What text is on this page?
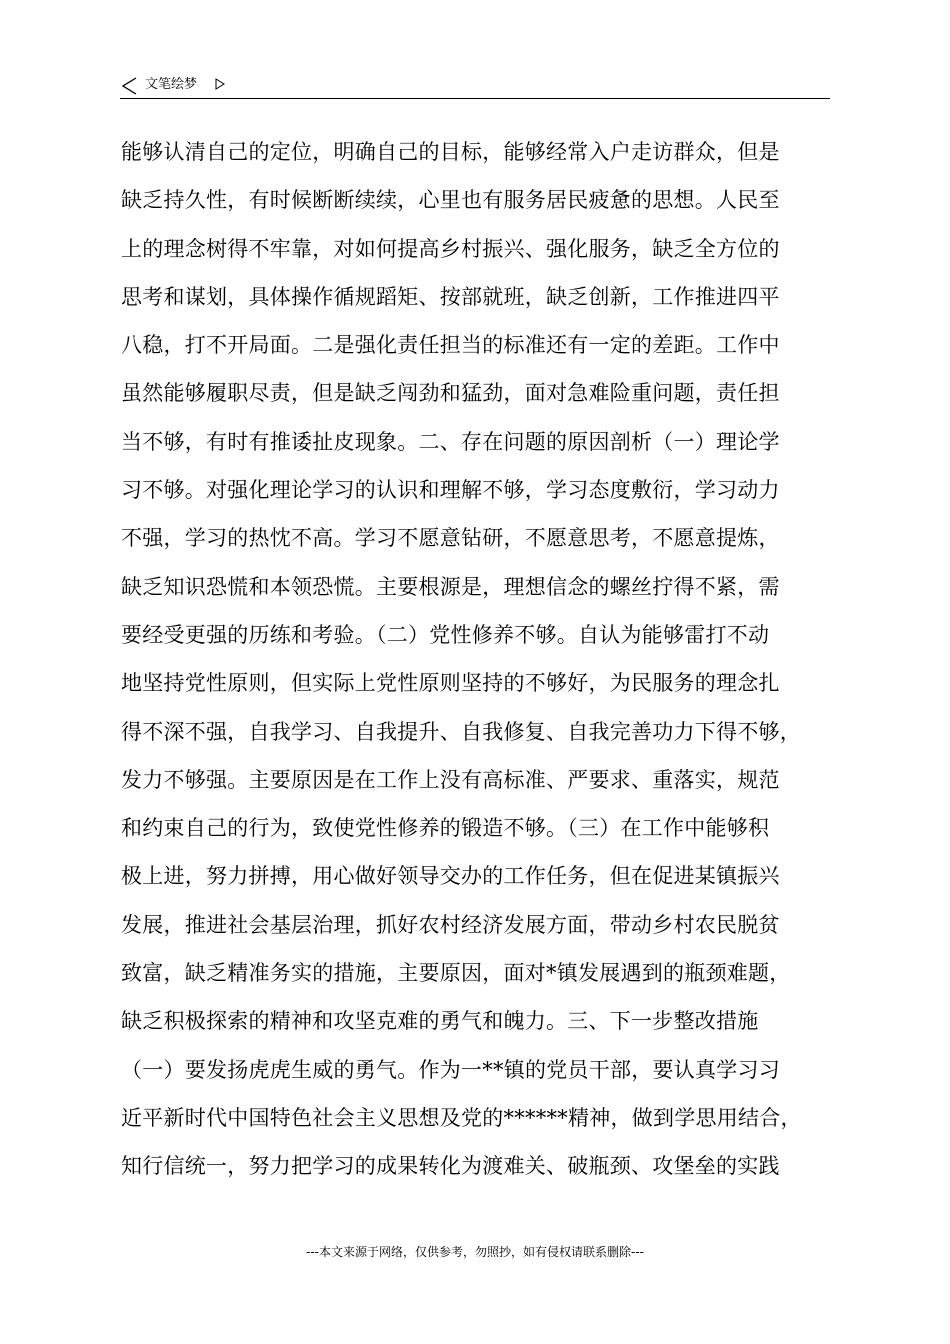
文笔绘梦
能够认清自己的定位，明确自己的目标，能够经常入户走访群众，但是
缺乏持久性，有时候断断续续，心里也有服务居民疲惫的思想。人民至
上的理念树得不牢靠，对如何提高乡村振兴、强化服务，缺乏全方位的
思考和谋划，具体操作循规蹈矩、按部就班，缺乏创新，工作推进四平
八稳，打不开局面。二是强化责任担当的标准还有一定的差距。工作中
虽然能够履职尽责，但是缺乏闯劲和猛劲，面对急难险重问题，责任担
当不够，有时有推诿扯皮现象。二、存在问题的原因剖析（一）理论学
习不够。对强化理论学习的认识和理解不够，学习态度敷衍，学习动力
不强，学习的热忱不高。学习不愿意钻研，不愿意思考，不愿意提炼，
缺乏知识恐慌和本领恐慌。主要根源是，理想信念的螺丝拧得不紧，需
要经受更强的历练和考验。（二）党性修养不够。自认为能够雷打不动
地坚持党性原则，但实际上党性原则坚持的不够好，为民服务的理念扎
得不深不强，自我学习、自我提升、自我修复、自我完善功力下得不够，
发力不够强。主要原因是在工作上没有高标准、严要求、重落实，规范
和约束自己的行为，致使党性修养的锻造不够。（三）在工作中能够积
极上进，努力拼搏，用心做好领导交办的工作任务，但在促进某镇振兴
发展，推进社会基层治理，抓好农村经济发展方面，带动乡村农民脱贫
致富，缺乏精准务实的措施，主要原因，面对*镇发展遇到的瓶颈难题，
缺乏积极探索的精神和攻坚克难的勇气和魄力。三、下一步整改措施
（一）要发扬虎虎生威的勇气。作为一**镇的党员干部，要认真学习习
近平新时代中国特色社会主义思想及党的******精神，做到学思用结合，
知行信统一，努力把学习的成果转化为渡难关、破瓶颈、攻堡垒的实践
---本文来源于网络，仅供参考，勿照抄，如有侵权请联系删除---
